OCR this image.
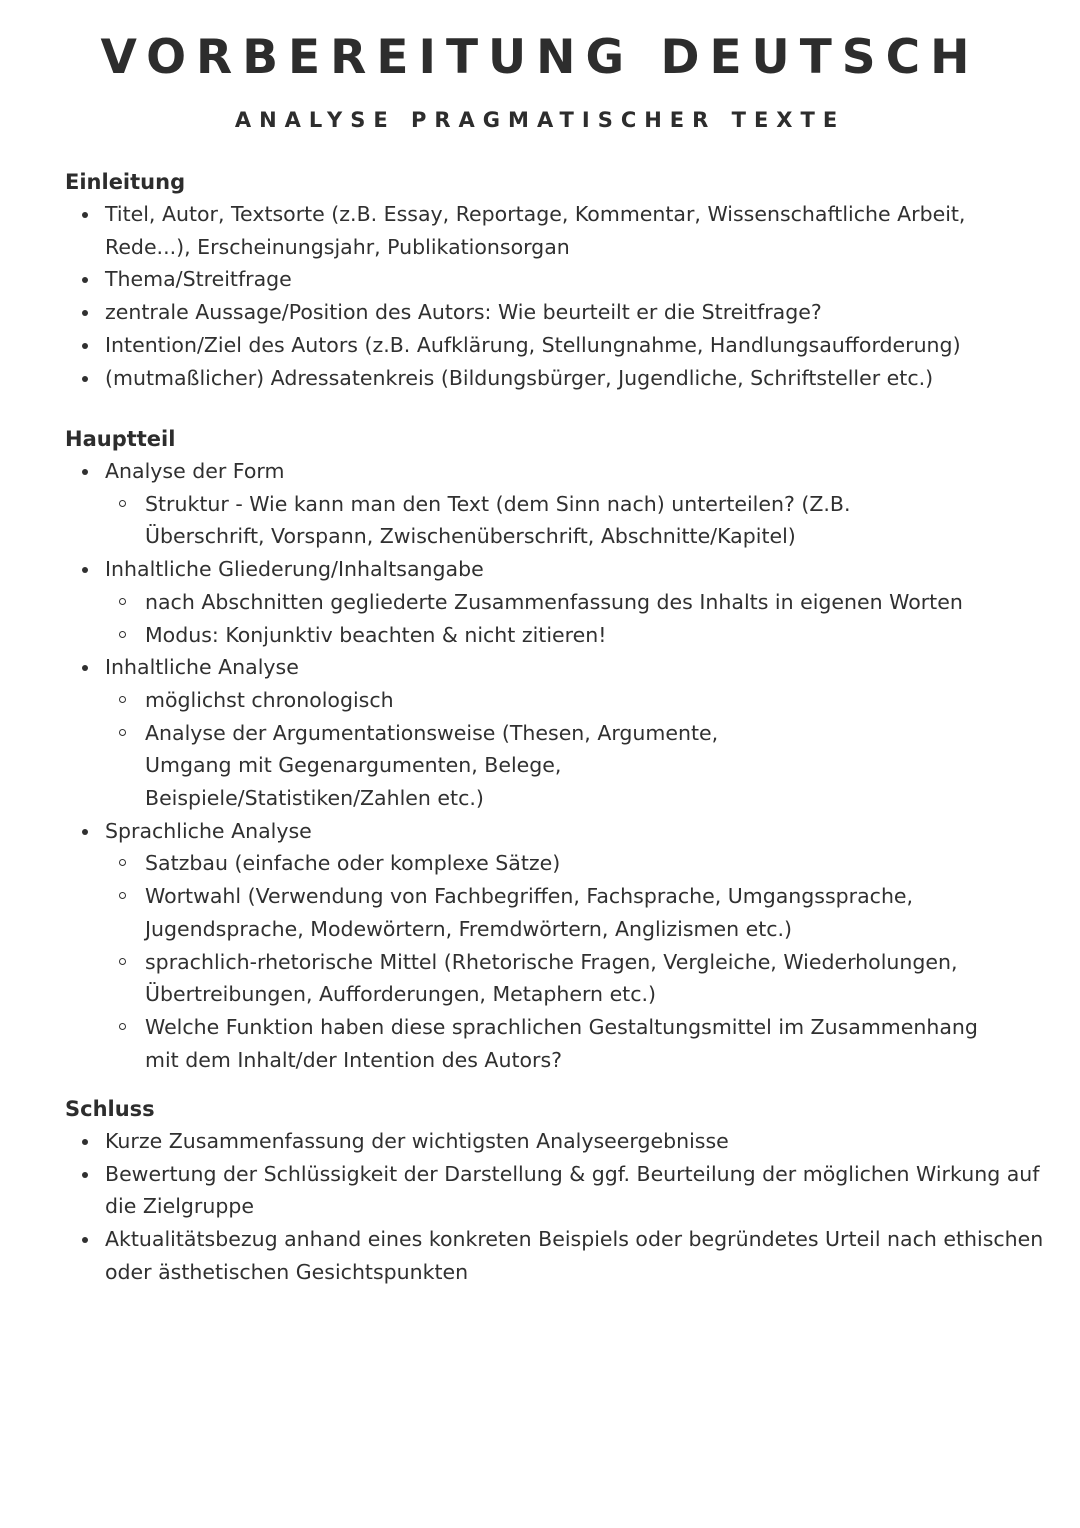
VORBEREITUNG DEUTSCH
ANALYSE PRAGMATISCHER TEXTE

Einleitung

Titel, Autor, Textsorte (z.B. Essay, Reportage, Kommentar, Wissenschaftliche Arbeit, Rede...), Erscheinungsjahr, Publikationsorgan
Thema/Streitfrage
zentrale Aussage/Position des Autors: Wie beurteilt er die Streitfrage?
Intention/Ziel des Autors (z.B. Aufklärung, Stellungnahme, Handlungsaufforderung)
(mutmaßlicher) Adressatenkreis (Bildungsbürger, Jugendliche, Schriftsteller etc.)

Hauptteil

Analyse der Form
Struktur - Wie kann man den Text (dem Sinn nach) unterteilen? (Z.B. Überschrift, Vorspann, Zwischenüberschrift, Abschnitte/Kapitel)
Inhaltliche Gliederung/Inhaltsangabe
nach Abschnitten gegliederte Zusammenfassung des Inhalts in eigenen Worten
Modus: Konjunktiv beachten & nicht zitieren!
Inhaltliche Analyse
möglichst chronologisch
Analyse der Argumentationsweise (Thesen, Argumente, Umgang mit Gegenargumenten, Belege, Beispiele/Statistiken/Zahlen etc.)
Sprachliche Analyse
Satzbau (einfache oder komplexe Sätze)
Wortwahl (Verwendung von Fachbegriffen, Fachsprache, Umgangssprache, Jugendsprache, Modewörtern, Fremdwörtern, Anglizismen etc.)
sprachlich-rhetorische Mittel (Rhetorische Fragen, Vergleiche, Wiederholungen, Übertreibungen, Aufforderungen, Metaphern etc.)
Welche Funktion haben diese sprachlichen Gestaltungsmittel im Zusammenhang mit dem Inhalt/der Intention des Autors?

Schluss

Kurze Zusammenfassung der wichtigsten Analyseergebnisse
Bewertung der Schlüssigkeit der Darstellung & ggf. Beurteilung der möglichen Wirkung auf die Zielgruppe
Aktualitätsbezug anhand eines konkreten Beispiels oder begründetes Urteil nach ethischen oder ästhetischen Gesichtspunkten
